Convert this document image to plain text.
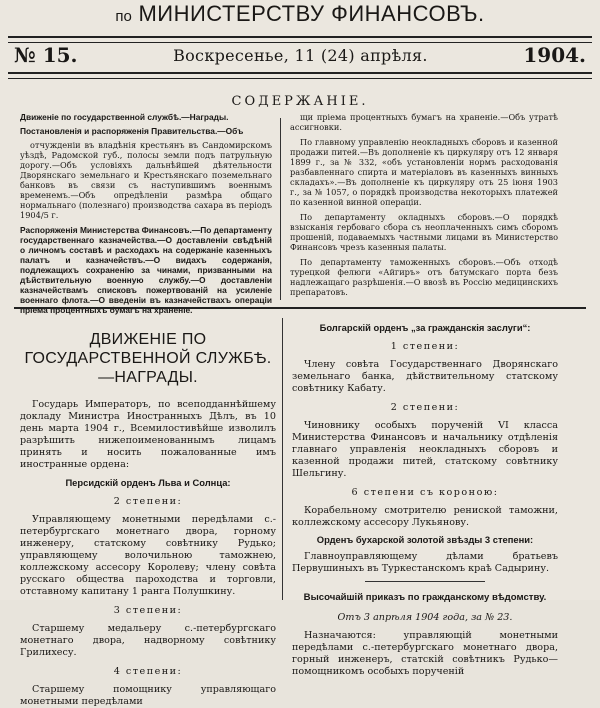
по МИНИСТЕРСТВУ ФИНАНСОВЪ.
№ 15.	Воскресенье, 11 (24) апрѣля.	1904.
СОДЕРЖАНІЕ.

Движеніе по государственной службѣ.—Награды.

Постановленія и распоряженія Правительства.—Объ

отчужденіи въ владѣнія крестьянъ въ Сандомирскомъ уѣздѣ, Радомской губ., полосы земли подъ патрульную дорогу.—Объ условіяхъ дальнѣйшей дѣятельности Дворянскаго земельнаго и Крестьянскаго поземельнаго банковъ въ связи съ наступившимъ военнымъ временемъ.—Объ опредѣленіи размѣра общаго нормальнаго (полезнаго) производства сахара въ періодъ 1904/5 г.

Распоряженія Министерства Финансовъ.—По департаменту государственнаго казначейства.—О доставленіи свѣдѣній о личномъ составѣ и расходахъ на содержаніе казенныхъ палатъ и казначействъ.—О видахъ содержанія, подлежащихъ сохраненію за чинами, призванными на дѣйствительную военную службу.—О доставленіи казначействамъ списковъ пожертвованій на усиленіе военнаго флота.—О введеніи въ казначействахъ операціи пріема процентныхъ бумагъ на храненіе.

щи пріема процентныхъ бумагъ на храненіе.—Объ утратѣ ассигновки.

По главному управленію неокладныхъ сборовъ и казенной продажи питей.—Въ дополненіе къ циркуляру отъ 12 января 1899 г., за № 332, «объ установленіи нормъ расходованія разбавленнаго спирта и матеріаловъ въ казенныхъ винныхъ складахъ».—Въ дополненіе къ циркуляру отъ 25 іюня 1903 г., за № 1057, о порядкѣ производства некоторыхъ платежей по казенной винной операціи.

По департаменту окладныхъ сборовъ.—О порядкѣ взысканія гербоваго сбора съ неоплаченныхъ симъ сборомъ прошеній, подаваемыхъ частными лицами въ Министерство Финансовъ чрезъ казенныя палаты.

По департаменту таможенныхъ сборовъ.—Объ отходѣ турецкой фелюги «Айгиръ» отъ батумскаго порта безъ надлежащаго разрѣшенія.—О ввозѣ въ Россію медицинскихъ препаратовъ.

ДВИЖЕНІЕ ПО ГОСУДАРСТВЕННОЙ СЛУЖБѢ.—НАГРАДЫ.

Государь Императоръ, по всеподданнѣйшему докладу Министра Иностранныхъ Дѣлъ, въ 10 день марта 1904 г., Всемилостивѣйше изволилъ разрѣшить нижепоименованнымъ лицамъ принять и носить пожалованные имъ иностранные ордена:

Персидскій орденъ Льва и Солнца:

2 степени:

Управляющему монетными передѣлами с.-петербургскаго монетнаго двора, горному инженеру, статскому совѣтнику Рудько; управляющему волочильною таможнею, коллежскому ассесору Королеву; члену совѣта русскаго общества пароходства и торговли, отставному капитану 1 ранга Полушкину.

3 степени:

Старшему медальеру с.-петербургскаго монетнаго двора, надворному совѣтнику Грилихесу.

4 степени:

Старшему помощнику управляющаго монетными передѣлами

Болгарскій орденъ „за гражданскія заслуги“:

1 степени:

Члену совѣта Государственнаго Дворянскаго земельнаго банка, дѣйствительному статскому совѣтнику Кабату.

2 степени:

Чиновнику особыхъ порученій VI класса Министерства Финансовъ и начальнику отдѣленія главнаго управленія неокладныхъ сборовъ и казенной продажи питей, статскому совѣтнику Шельгину.

6 степени съ короною:

Корабельному смотрителю ренискoй таможни, коллежскому ассесору Лукьянову.

Орденъ бухарской золотой звѣзды 3 степени:

Главноуправляющему дѣлами братьевъ Первушиныхъ въ Туркестанскомъ краѣ Садырину.

Высочайшій приказъ по гражданскому вѣдомству.

Отъ 3 апрѣля 1904 года, за № 23.

Назначаются: управляющій монетными передѣлами с.-петербургскаго монетнаго двора, горный инженеръ, статскій совѣтникъ Рудько—помощникомъ особыхъ порученій
